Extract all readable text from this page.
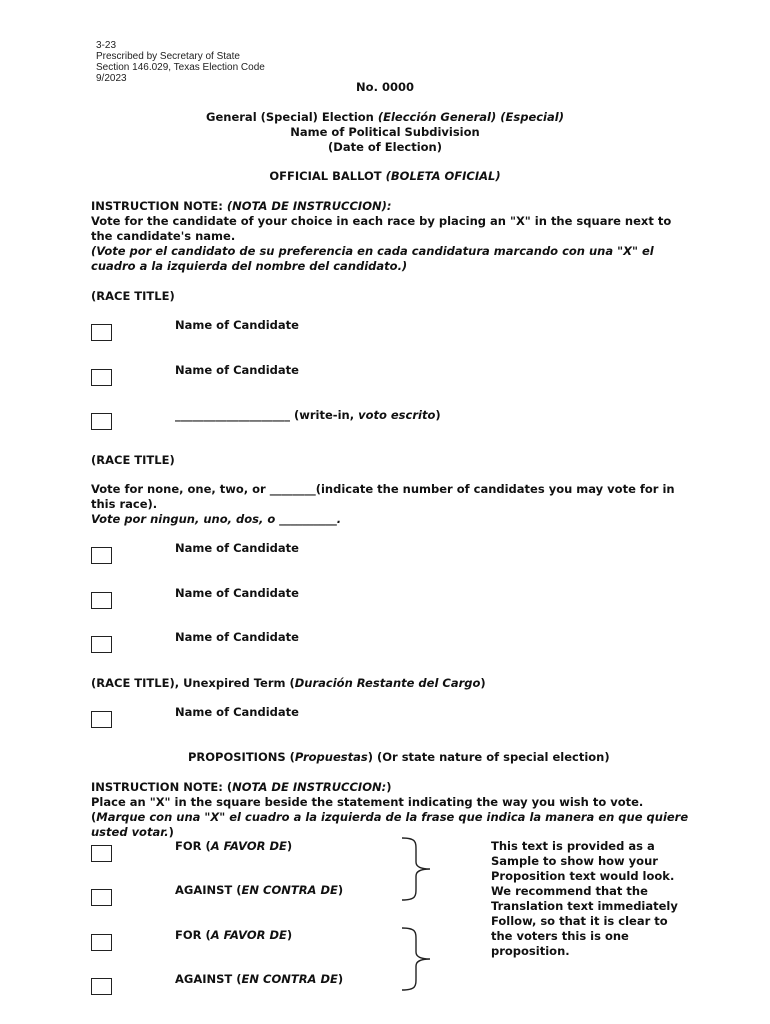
3-23
Prescribed by Secretary of State
Section 146.029, Texas Election Code
9/2023
No. 0000
General (Special) Election (Elección General) (Especial)
Name of Political Subdivision
(Date of Election)
OFFICIAL BALLOT (BOLETA OFICIAL)
INSTRUCTION NOTE: (NOTA DE INSTRUCCION):
Vote for the candidate of your choice in each race by placing an "X" in the square next to the candidate's name.
(Vote por el candidato de su preferencia en cada candidatura marcando con una "X" el cuadro a la izquierda del nombre del candidato.)
(RACE TITLE)
Name of Candidate
Name of Candidate
____________________ (write-in, voto escrito)
(RACE TITLE)
Vote for none, one, two, or ________(indicate the number of candidates you may vote for in this race).
Vote por ningun, uno, dos, o __________.
Name of Candidate
Name of Candidate
Name of Candidate
(RACE TITLE), Unexpired Term (Duración Restante del Cargo)
Name of Candidate
PROPOSITIONS (Propuestas) (Or state nature of special election)
INSTRUCTION NOTE: (NOTA DE INSTRUCCION:)
Place an "X" in the square beside the statement indicating the way you wish to vote. (Marque con una "X" el cuadro a la izquierda de la frase que indica la manera en que quiere usted votar.)
FOR (A FAVOR DE)
AGAINST (EN CONTRA DE)
FOR (A FAVOR DE)
AGAINST (EN CONTRA DE)
This text is provided as a
Sample to show how your
Proposition text would look.
We recommend that the
Translation text immediately
Follow, so that it is clear to
the voters this is one
proposition.
